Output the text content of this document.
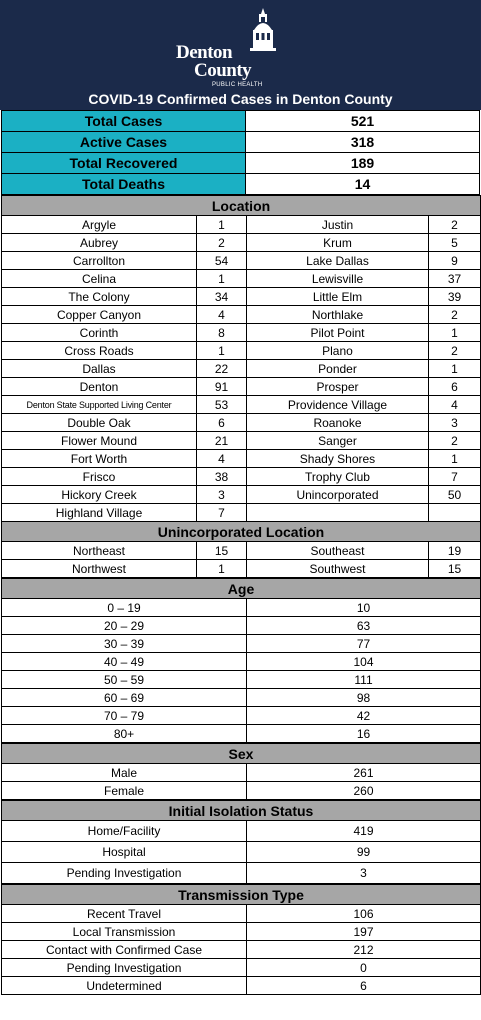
Denton
County
PUBLIC HEALTH
COVID-19 Confirmed Cases in Denton County
Total Cases	521
Active Cases	318
Total Recovered	189
Total Deaths	14
Location			
Argyle	1	Justin	2
Aubrey	2	Krum	5
Carrollton	54	Lake Dallas	9
Celina	1	Lewisville	37
The Colony	34	Little Elm	39
Copper Canyon	4	Northlake	2
Corinth	8	Pilot Point	1
Cross Roads	1	Plano	2
Dallas	22	Ponder	1
Denton	91	Prosper	6
Denton State Supported Living Center	53	Providence Village	4
Double Oak	6	Roanoke	3
Flower Mound	21	Sanger	2
Fort Worth	4	Shady Shores	1
Frisco	38	Trophy Club	7
Hickory Creek	3	Unincorporated	50
Highland Village	7		
Unincorporated Location			
Northeast	15	Southeast	19
Northwest	1	Southwest	15
Age	
0 – 19	10
20 – 29	63
30 – 39	77
40 – 49	104
50 – 59	111
60 – 69	98
70 – 79	42
80+	16
Sex	
Male	261
Female	260
Initial Isolation Status	
Home/Facility	419
Hospital	99
Pending Investigation	3
Transmission Type	
Recent Travel	106
Local Transmission	197
Contact with Confirmed Case	212
Pending Investigation	0
Undetermined	6
